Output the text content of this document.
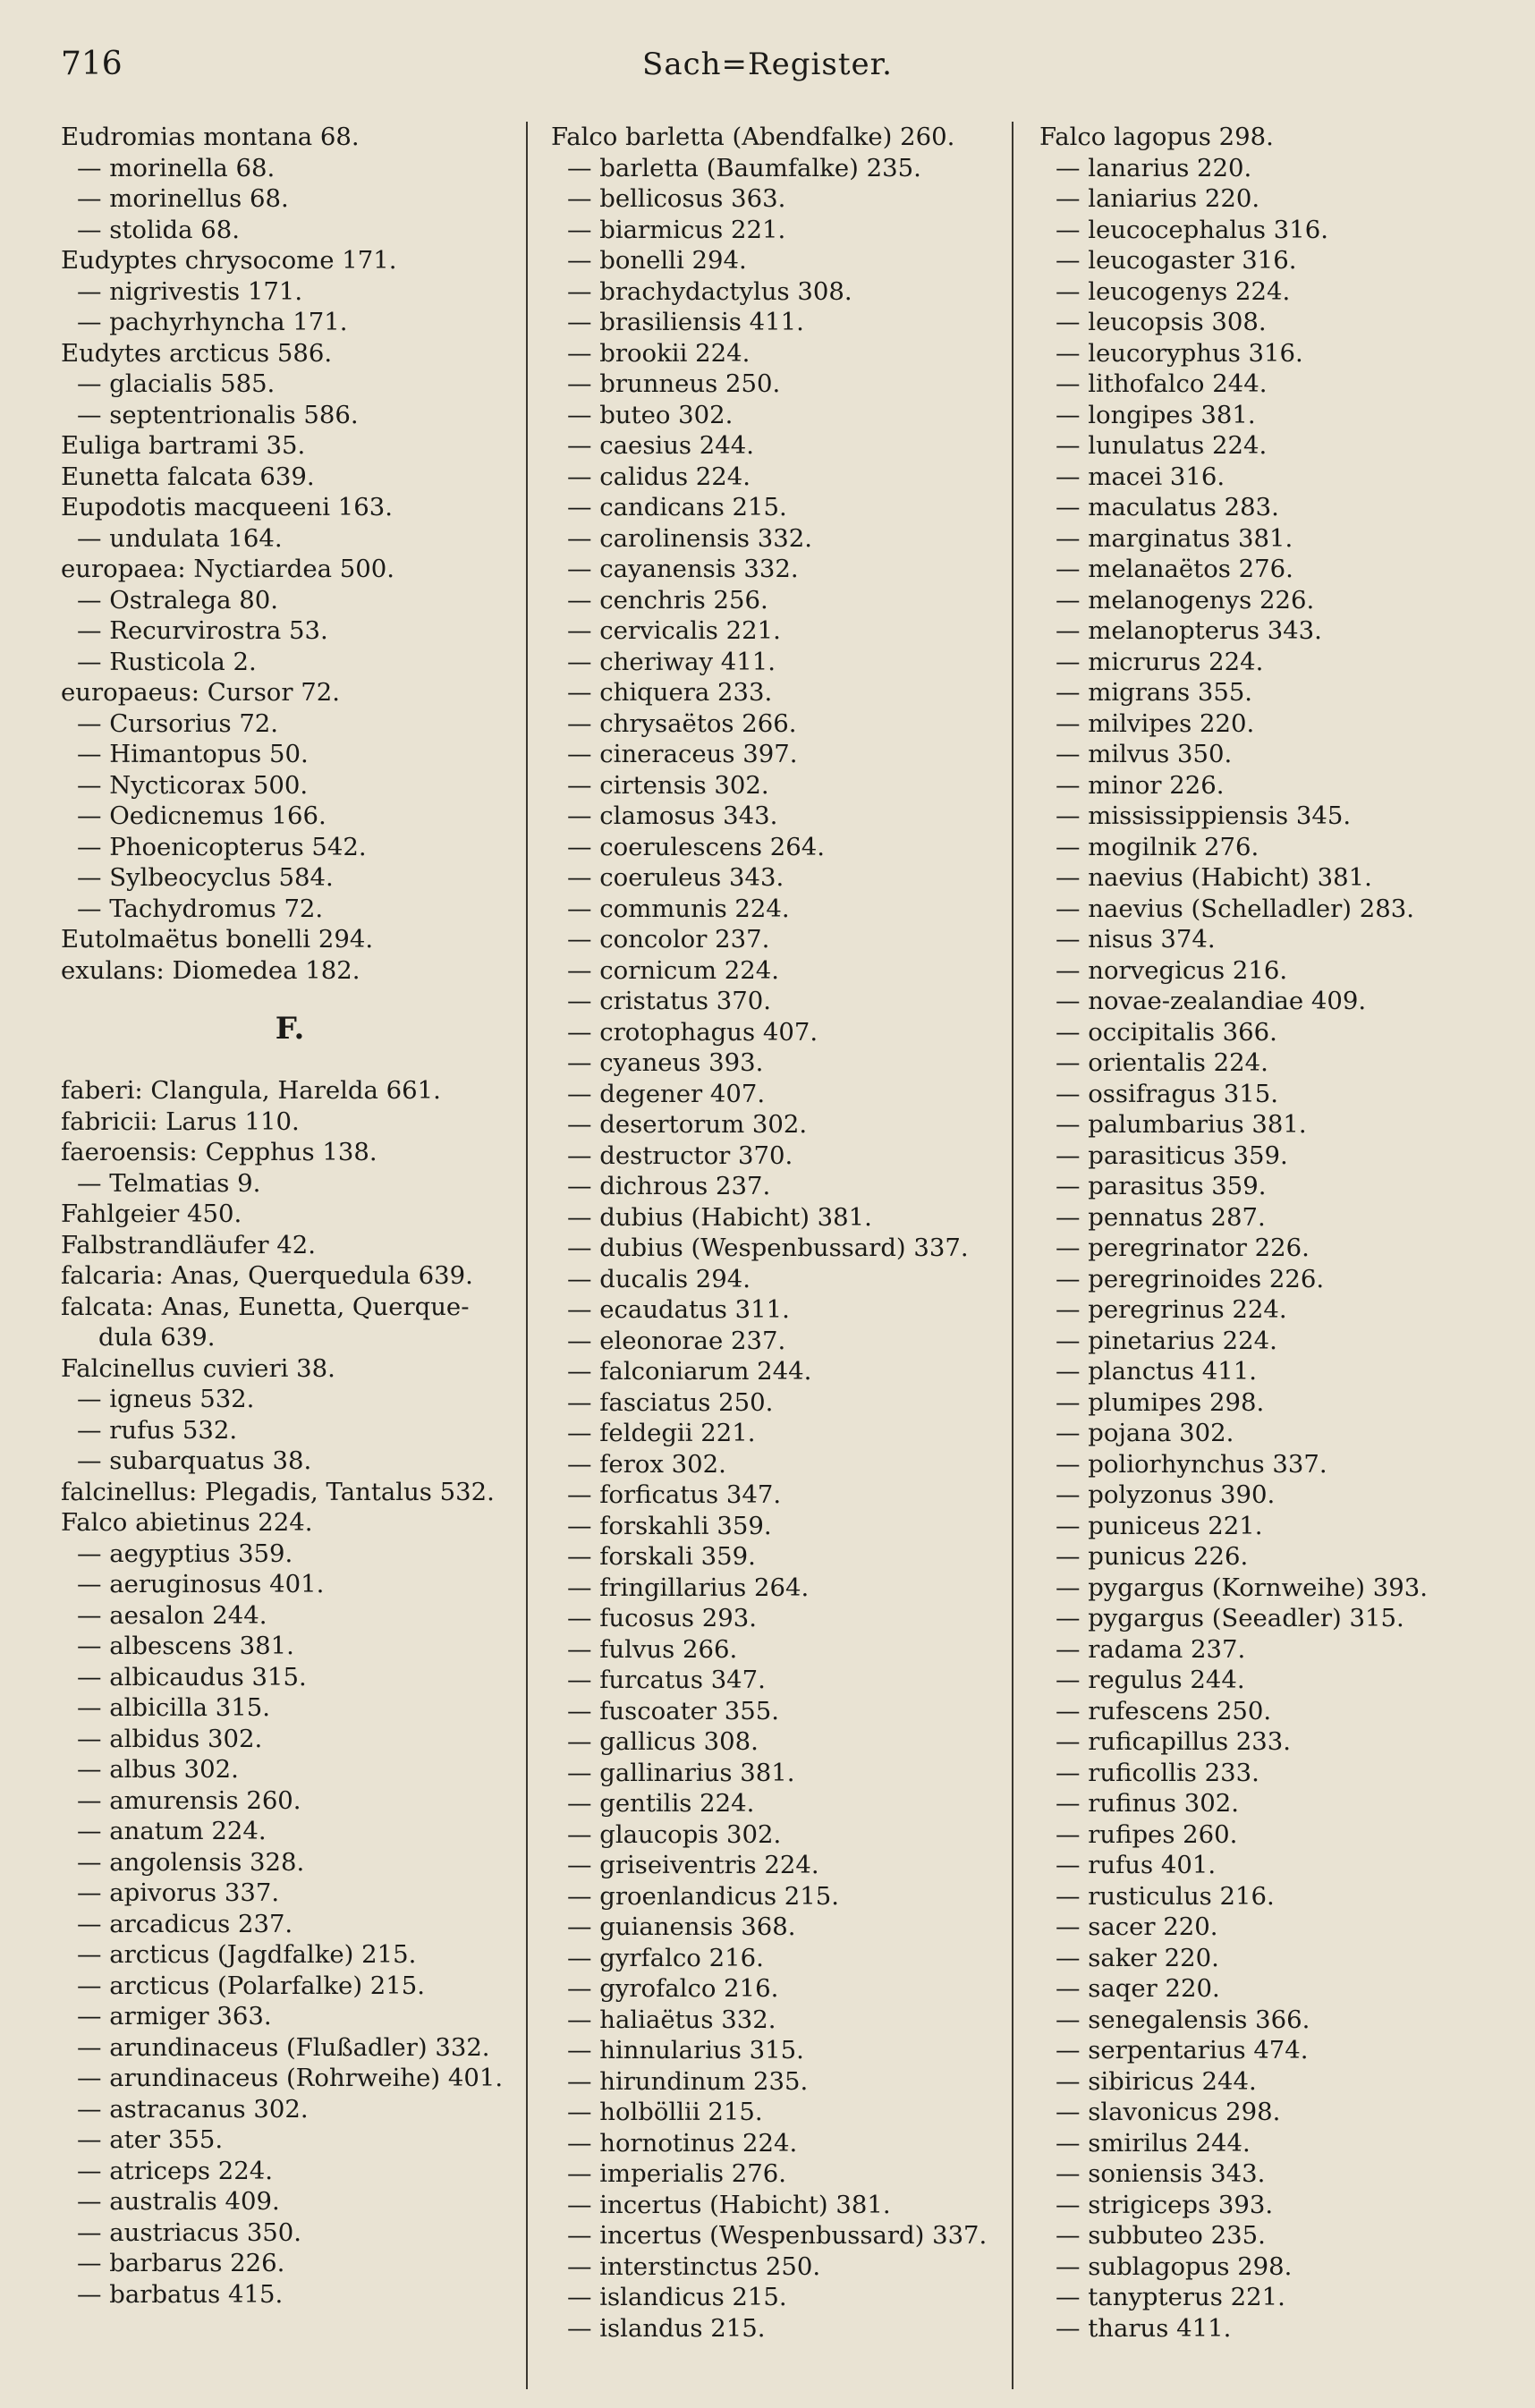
716	Sach=Register.
Eudromias montana 68.
— morinella 68.
— morinellus 68.
— stolida 68.
Eudyptes chrysocome 171.
— nigrivestis 171.
— pachyrhyncha 171.
Eudytes arcticus 586.
— glacialis 585.
— septentrionalis 586.
Euliga bartrami 35.
Eunetta falcata 639.
Eupodotis macqueeni 163.
— undulata 164.
europaea: Nyctiardea 500.
— Ostralega 80.
— Recurvirostra 53.
— Rusticola 2.
europaeus: Cursor 72.
— Cursorius 72.
— Himantopus 50.
— Nycticorax 500.
— Oedicnemus 166.
— Phoenicopterus 542.
— Sylbeocyclus 584.
— Tachydromus 72.
Eutolmaëtus bonelli 294.
exulans: Diomedea 182.
F.
faberi: Clangula, Harelda 661.
fabricii: Larus 110.
faeroensis: Cepphus 138.
— Telmatias 9.
Fahlgeier 450.
Falbstrandläufer 42.
falcaria: Anas, Querquedula 639.
falcata: Anas, Eunetta, Querque-
dula 639.
Falcinellus cuvieri 38.
— igneus 532.
— rufus 532.
— subarquatus 38.
falcinellus: Plegadis, Tantalus 532.
Falco abietinus 224.
— aegyptius 359.
— aeruginosus 401.
— aesalon 244.
— albescens 381.
— albicaudus 315.
— albicilla 315.
— albidus 302.
— albus 302.
— amurensis 260.
— anatum 224.
— angolensis 328.
— apivorus 337.
— arcadicus 237.
— arcticus (Jagdfalke) 215.
— arcticus (Polarfalke) 215.
— armiger 363.
— arundinaceus (Flußadler) 332.
— arundinaceus (Rohrweihe) 401.
— astracanus 302.
— ater 355.
— atriceps 224.
— australis 409.
— austriacus 350.
— barbarus 226.
— barbatus 415.
Falco barletta (Abendfalke) 260.
— barletta (Baumfalke) 235.
— bellicosus 363.
— biarmicus 221.
— bonelli 294.
— brachydactylus 308.
— brasiliensis 411.
— brookii 224.
— brunneus 250.
— buteo 302.
— caesius 244.
— calidus 224.
— candicans 215.
— carolinensis 332.
— cayanensis 332.
— cenchris 256.
— cervicalis 221.
— cheriway 411.
— chiquera 233.
— chrysaëtos 266.
— cineraceus 397.
— cirtensis 302.
— clamosus 343.
— coerulescens 264.
— coeruleus 343.
— communis 224.
— concolor 237.
— cornicum 224.
— cristatus 370.
— crotophagus 407.
— cyaneus 393.
— degener 407.
— desertorum 302.
— destructor 370.
— dichrous 237.
— dubius (Habicht) 381.
— dubius (Wespenbussard) 337.
— ducalis 294.
— ecaudatus 311.
— eleonorae 237.
— falconiarum 244.
— fasciatus 250.
— feldegii 221.
— ferox 302.
— forficatus 347.
— forskahli 359.
— forskali 359.
— fringillarius 264.
— fucosus 293.
— fulvus 266.
— furcatus 347.
— fuscoater 355.
— gallicus 308.
— gallinarius 381.
— gentilis 224.
— glaucopis 302.
— griseiventris 224.
— groenlandicus 215.
— guianensis 368.
— gyrfalco 216.
— gyrofalco 216.
— haliaëtus 332.
— hinnularius 315.
— hirundinum 235.
— holböllii 215.
— hornotinus 224.
— imperialis 276.
— incertus (Habicht) 381.
— incertus (Wespenbussard) 337.
— interstinctus 250.
— islandicus 215.
— islandus 215.
Falco lagopus 298.
— lanarius 220.
— laniarius 220.
— leucocephalus 316.
— leucogaster 316.
— leucogenys 224.
— leucopsis 308.
— leucoryphus 316.
— lithofalco 244.
— longipes 381.
— lunulatus 224.
— macei 316.
— maculatus 283.
— marginatus 381.
— melanaëtos 276.
— melanogenys 226.
— melanopterus 343.
— micrurus 224.
— migrans 355.
— milvipes 220.
— milvus 350.
— minor 226.
— mississippiensis 345.
— mogilnik 276.
— naevius (Habicht) 381.
— naevius (Schelladler) 283.
— nisus 374.
— norvegicus 216.
— novae-zealandiae 409.
— occipitalis 366.
— orientalis 224.
— ossifragus 315.
— palumbarius 381.
— parasiticus 359.
— parasitus 359.
— pennatus 287.
— peregrinator 226.
— peregrinoides 226.
— peregrinus 224.
— pinetarius 224.
— planctus 411.
— plumipes 298.
— pojana 302.
— poliorhynchus 337.
— polyzonus 390.
— puniceus 221.
— punicus 226.
— pygargus (Kornweihe) 393.
— pygargus (Seeadler) 315.
— radama 237.
— regulus 244.
— rufescens 250.
— ruficapillus 233.
— ruficollis 233.
— rufinus 302.
— rufipes 260.
— rufus 401.
— rusticulus 216.
— sacer 220.
— saker 220.
— saqer 220.
— senegalensis 366.
— serpentarius 474.
— sibiricus 244.
— slavonicus 298.
— smirilus 244.
— soniensis 343.
— strigiceps 393.
— subbuteo 235.
— sublagopus 298.
— tanypterus 221.
— tharus 411.
